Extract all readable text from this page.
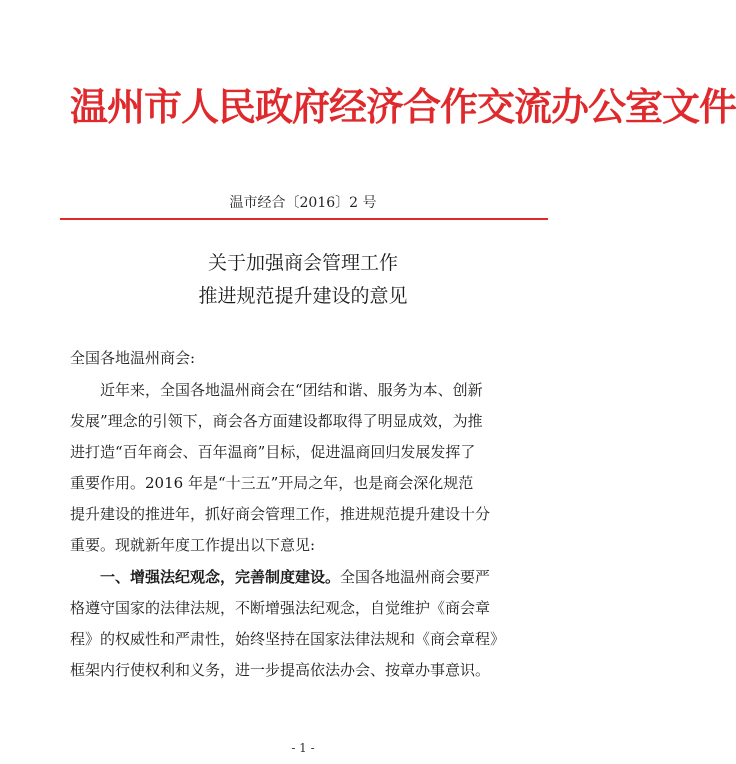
温州市人民政府经济合作交流办公室文件
温市经合〔2016〕2 号
关于加强商会管理工作
推进规范提升建设的意见
全国各地温州商会:
近年来，全国各地温州商会在“团结和谐、服务为本、创新
发展”理念的引领下，商会各方面建设都取得了明显成效，为推
进打造“百年商会、百年温商”目标，促进温商回归发展发挥了
重要作用。2016 年是“十三五”开局之年，也是商会深化规范
提升建设的推进年，抓好商会管理工作，推进规范提升建设十分
重要。现就新年度工作提出以下意见:
一、增强法纪观念，完善制度建设。全国各地温州商会要严
格遵守国家的法律法规，不断增强法纪观念，自觉维护《商会章
程》的权威性和严肃性，始终坚持在国家法律法规和《商会章程》
框架内行使权利和义务，进一步提高依法办会、按章办事意识。
- 1 -
